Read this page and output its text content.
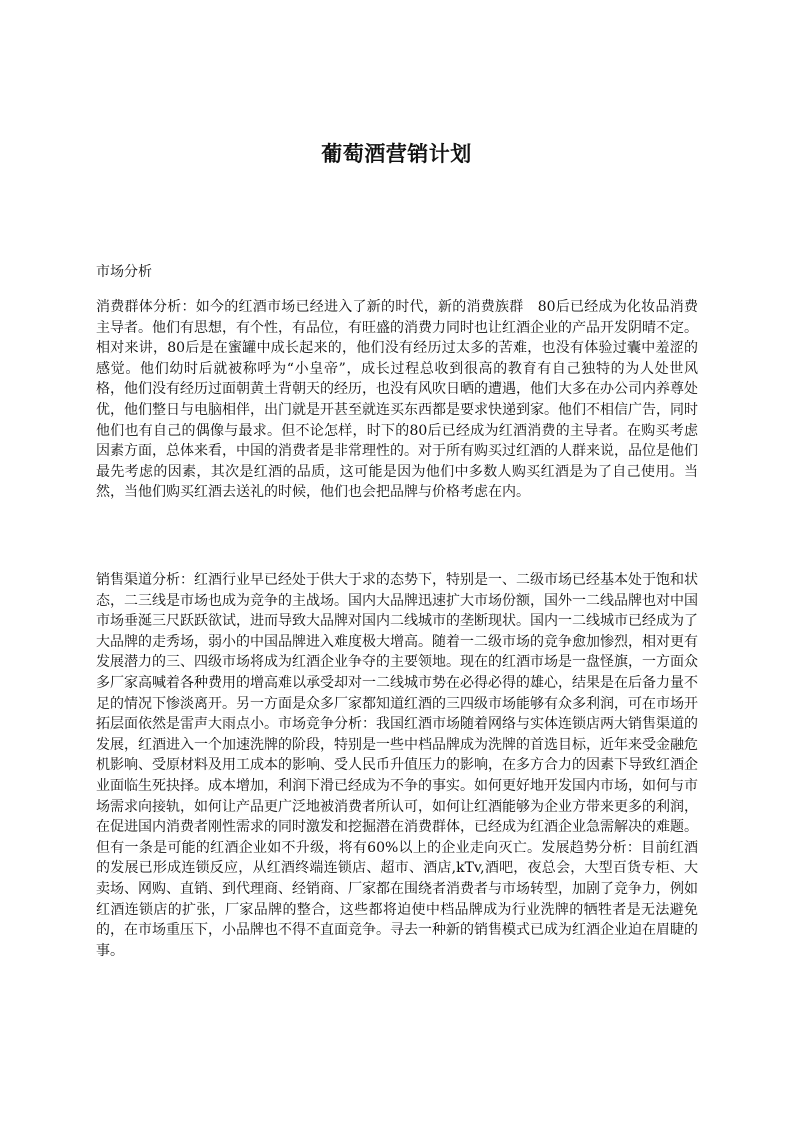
葡萄酒营销计划

市场分析

消费群体分析：如今的红酒市场已经进入了新的时代，新的消费族群　80后已经成为化妆品消费主导者。他们有思想，有个性，有品位，有旺盛的消费力同时也让红酒企业的产品开发阴晴不定。相对来讲，80后是在蜜罐中成长起来的，他们没有经历过太多的苦难，也没有体验过囊中羞涩的感觉。他们幼时后就被称呼为“小皇帝”，成长过程总收到很高的教育有自己独特的为人处世风格，他们没有经历过面朝黄土背朝天的经历，也没有风吹日晒的遭遇，他们大多在办公司内养尊处优，他们整日与电脑相伴，出门就是开甚至就连买东西都是要求快递到家。他们不相信广告，同时他们也有自己的偶像与最求。但不论怎样，时下的80后已经成为红酒消费的主导者。在购买考虑因素方面，总体来看，中国的消费者是非常理性的。对于所有购买过红酒的人群来说，品位是他们最先考虑的因素，其次是红酒的品质，这可能是因为他们中多数人购买红酒是为了自己使用。当然，当他们购买红酒去送礼的时候，他们也会把品牌与价格考虑在内。

销售渠道分析：红酒行业早已经处于供大于求的态势下，特别是一、二级市场已经基本处于饱和状态，二三线是市场也成为竞争的主战场。国内大品牌迅速扩大市场份额，国外一二线品牌也对中国市场垂涎三尺跃跃欲试，进而导致大品牌对国内二线城市的垄断现状。国内一二线城市已经成为了大品牌的走秀场，弱小的中国品牌进入难度极大增高。随着一二级市场的竞争愈加惨烈，相对更有发展潜力的三、四级市场将成为红酒企业争夺的主要领地。现在的红酒市场是一盘怪旗，一方面众多厂家高喊着各种费用的增高难以承受却对一二线城市势在必得必得的雄心，结果是在后备力量不足的情况下惨淡离开。另一方面是众多厂家都知道红酒的三四级市场能够有众多利润，可在市场开拓层面依然是雷声大雨点小。市场竞争分析：我国红酒市场随着网络与实体连锁店两大销售渠道的发展，红酒进入一个加速洗牌的阶段，特别是一些中档品牌成为洗牌的首选目标，近年来受金融危机影响、受原材料及用工成本的影响、受人民币升值压力的影响，在多方合力的因素下导致红酒企业面临生死抉择。成本增加，利润下滑已经成为不争的事实。如何更好地开发国内市场，如何与市场需求向接轨，如何让产品更广泛地被消费者所认可，如何让红酒能够为企业方带来更多的利润，在促进国内消费者刚性需求的同时激发和挖掘潜在消费群体，已经成为红酒企业急需解决的难题。但有一条是可能的红酒企业如不升级，将有60%以上的企业走向灭亡。发展趋势分析：目前红酒的发展已形成连锁反应，从红酒终端连锁店、超市、酒店,kTv,酒吧，夜总会，大型百货专柜、大卖场、网购、直销、到代理商、经销商、厂家都在围绕者消费者与市场转型，加剧了竞争力，例如红酒连锁店的扩张，厂家品牌的整合，这些都将迫使中档品牌成为行业洗牌的牺牲者是无法避免的，在市场重压下，小品牌也不得不直面竞争。寻去一种新的销售模式已成为红酒企业迫在眉睫的事。
